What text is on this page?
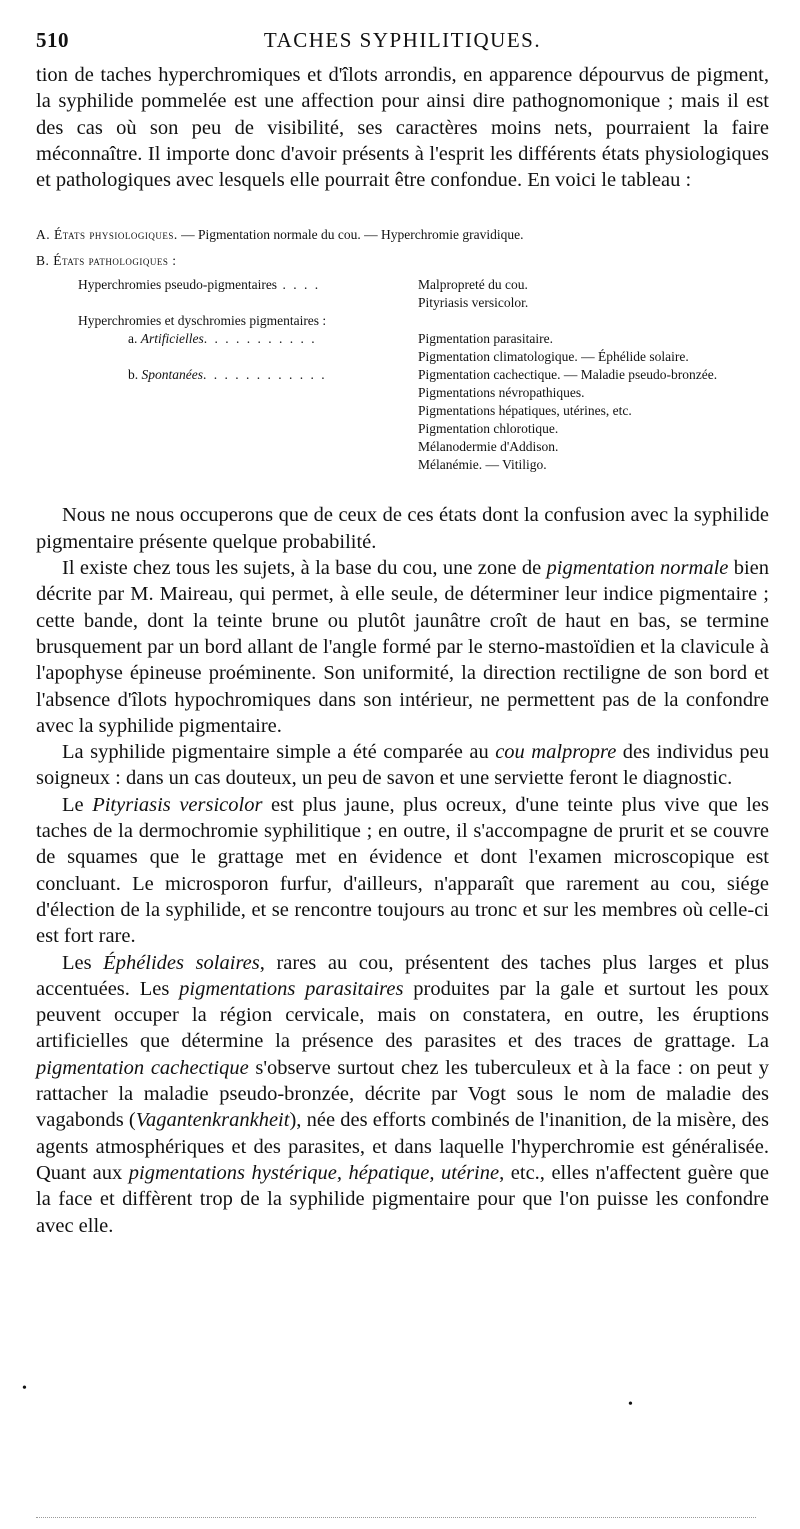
510	TACHES SYPHILITIQUES.

tion de taches hyperchromiques et d'îlots arrondis, en apparence dépourvus de pigment, la syphilide pommelée est une affection pour ainsi dire pathognomonique ; mais il est des cas où son peu de visibilité, ses caractères moins nets, pourraient la faire méconnaître. Il importe donc d'avoir présents à l'esprit les différents états physiologiques et pathologiques avec lesquels elle pourrait être confondue. En voici le tableau :

A. États physiologiques. — Pigmentation normale du cou. — Hyperchromie gravidique.
B. États pathologiques :
Hyperchromies pseudo-pigmentaires . . . .	Malpropreté du cou.
Pityriasis versicolor.
Hyperchromies et dyschromies pigmentaires :
a. Artificielles. . . . . . . . . . .	Pigmentation parasitaire.
Pigmentation climatologique. — Éphélide solaire.
b. Spontanées. . . . . . . . . . . .	Pigmentation cachectique. — Maladie pseudo-bronzée.
Pigmentations névropathiques.
Pigmentations hépatiques, utérines, etc.
Pigmentation chlorotique.
Mélanodermie d'Addison.
Mélanémie. — Vitiligo.

Nous ne nous occuperons que de ceux de ces états dont la confusion avec la syphilide pigmentaire présente quelque probabilité.

Il existe chez tous les sujets, à la base du cou, une zone de pigmentation normale bien décrite par M. Maireau, qui permet, à elle seule, de déterminer leur indice pigmentaire ; cette bande, dont la teinte brune ou plutôt jaunâtre croît de haut en bas, se termine brusquement par un bord allant de l'angle formé par le sterno-mastoïdien et la clavicule à l'apophyse épineuse proéminente. Son uniformité, la direction rectiligne de son bord et l'absence d'îlots hypochromiques dans son intérieur, ne permettent pas de la confondre avec la syphilide pigmentaire.

La syphilide pigmentaire simple a été comparée au cou malpropre des individus peu soigneux : dans un cas douteux, un peu de savon et une serviette feront le diagnostic.

Le Pityriasis versicolor est plus jaune, plus ocreux, d'une teinte plus vive que les taches de la dermochromie syphilitique ; en outre, il s'accompagne de prurit et se couvre de squames que le grattage met en évidence et dont l'examen microscopique est concluant. Le microsporon furfur, d'ailleurs, n'apparaît que rarement au cou, siége d'élection de la syphilide, et se rencontre toujours au tronc et sur les membres où celle-ci est fort rare.

Les Éphélides solaires, rares au cou, présentent des taches plus larges et plus accentuées. Les pigmentations parasitaires produites par la gale et surtout les poux peuvent occuper la région cervicale, mais on constatera, en outre, les éruptions artificielles que détermine la présence des parasites et des traces de grattage. La pigmentation cachectique s'observe surtout chez les tuberculeux et à la face : on peut y rattacher la maladie pseudo-bronzée, décrite par Vogt sous le nom de maladie des vagabonds (Vagantenkrankheit), née des efforts combinés de l'inanition, de la misère, des agents atmosphériques et des parasites, et dans laquelle l'hyperchromie est généralisée. Quant aux pigmentations hystérique, hépatique, utérine, etc., elles n'affectent guère que la face et diffèrent trop de la syphilide pigmentaire pour que l'on puisse les confondre avec elle.

•
•
